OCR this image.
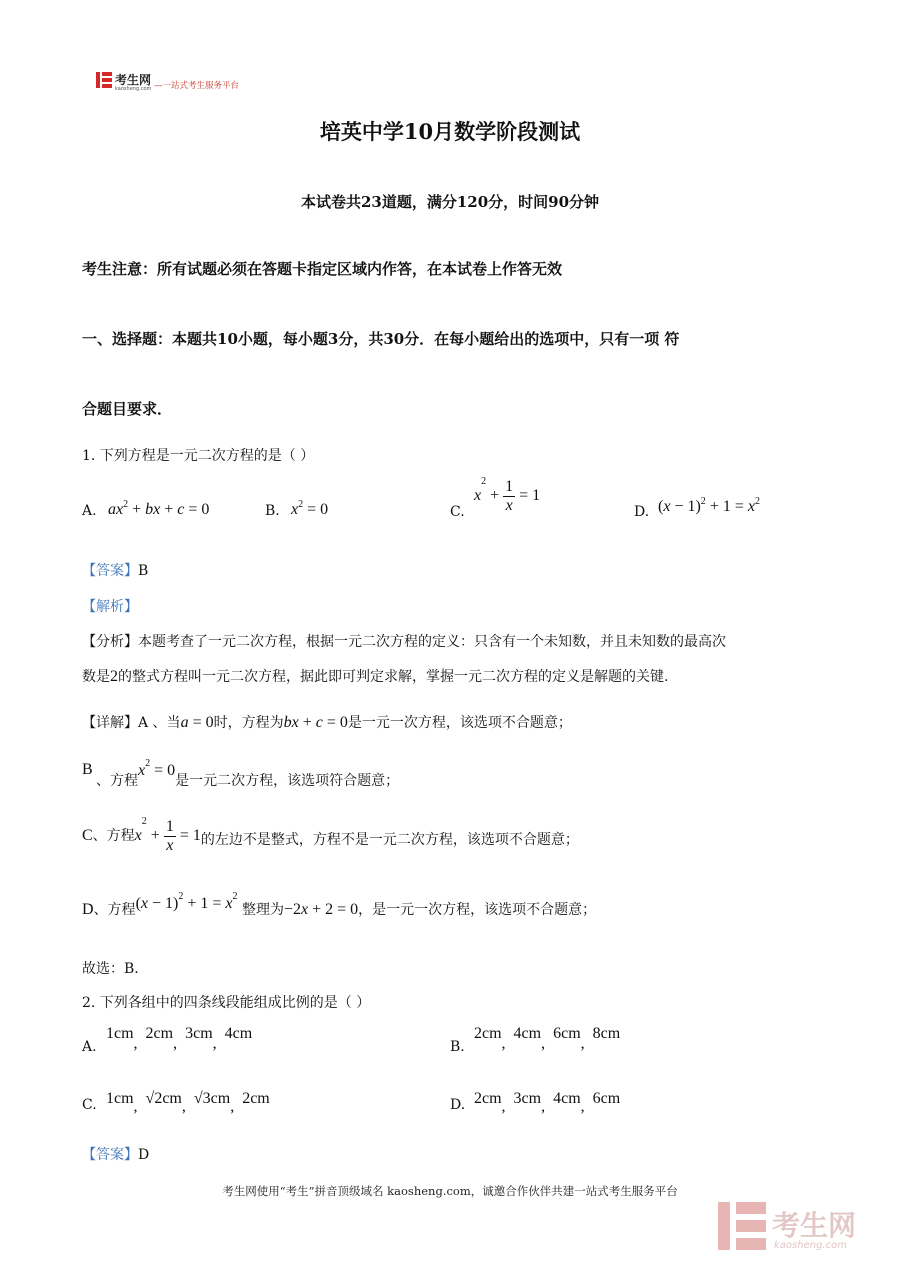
考生网
kaosheng.com —一站式考生服务平台
培英中学10月数学阶段测试
本试卷共23道题，满分120分，时间90分钟
考生注意：所有试题必须在答题卡指定区域内作答，在本试卷上作答无效
一、选择题：本题共10小题，每小题3分，共30分．在每小题给出的选项中，只有一项 符
合题目要求．
1. 下列方程是一元二次方程的是（ ）
A. $ax^2$ + bx + c = 0	B. $x^2 = 0$	C.
$x^2 + \frac{1}{x} = 1$
D. $(x - 1)^2 + 1 = x^2$
【答案】B
【解析】
【分析】本题考查了一元二次方程，根据一元二次方程的定义：只含有一个未知数，并且未知数的最高次
数是2的整式方程叫一元二次方程，据此即可判定求解，掌握一元二次方程的定义是解题的关键.
【详解】A 、当a = 0时，方程为bx + c = 0是一元一次方程，该选项不合题意；
B
、方程$x^2 = 0$是一元二次方程，该选项符合题意；
C、方程$x^2 + \frac{1}{x} = 1$的左边不是整式，方程不是一元二次方程，该选项不合题意；
D、方程$(x - 1)^2 + 1 = x^2$ 整理为−2x + 2 = 0，是一元一次方程，该选项不合题意；
故选：B.
2. 下列各组中的四条线段能组成比例的是（ ）
A.
1cm,  2cm,  3cm,  4cm
B.
2cm,  4cm,  6cm,  8cm
C. 1cm, √2cm, √3cm, 2cm	D. 2cm, 3cm, 4cm, 6cm
【答案】D
考生网使用“考生”拼音顶级域名 kaosheng.com，诚邀合作伙伴共建一站式考生服务平台
考生网
kaosheng.com
